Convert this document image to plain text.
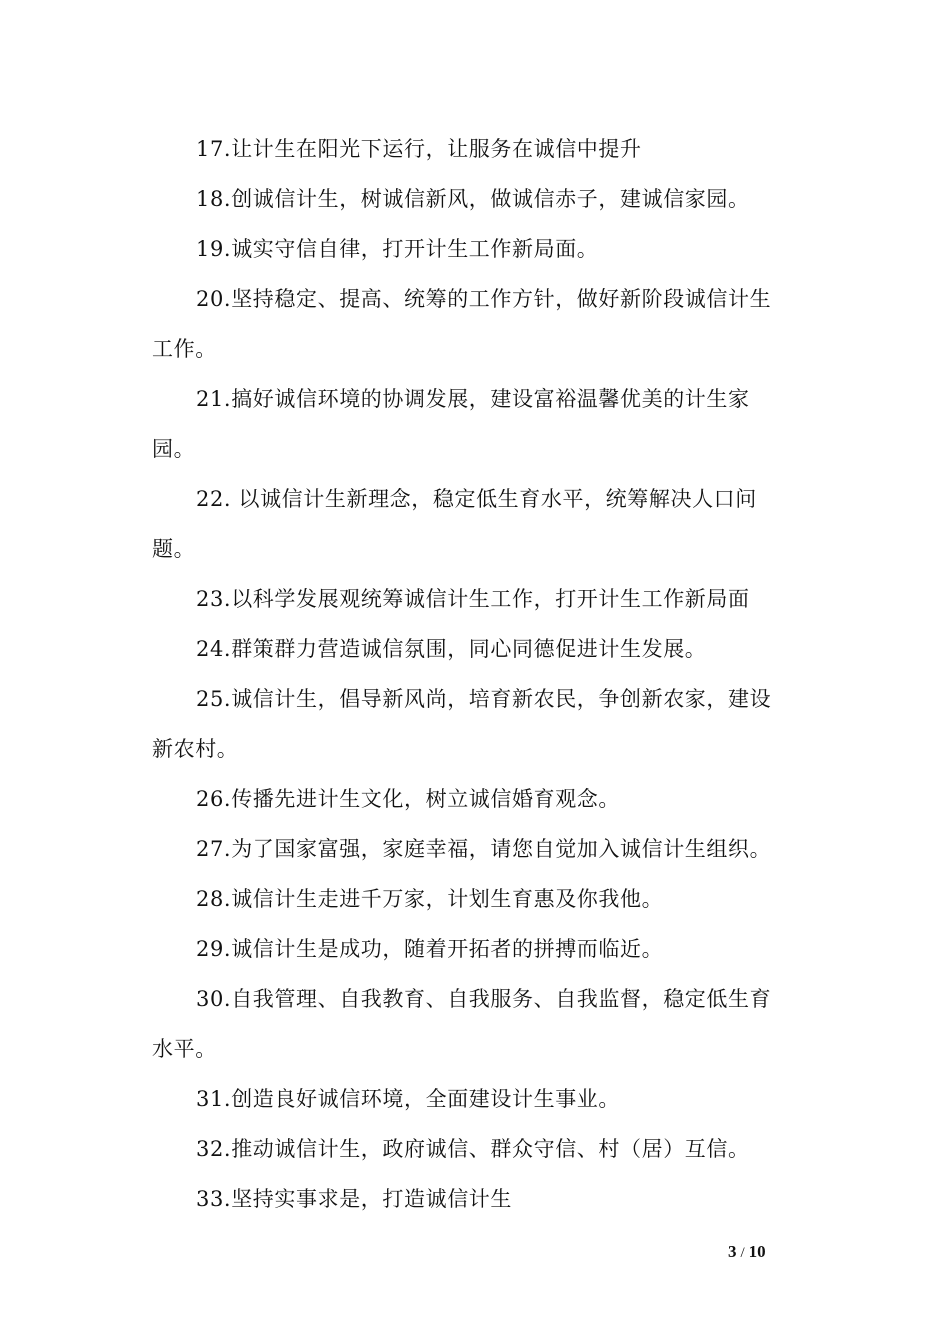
17.让计生在阳光下运行，让服务在诚信中提升

18.创诚信计生，树诚信新风，做诚信赤子，建诚信家园。

19.诚实守信自律，打开计生工作新局面。

20.坚持稳定、提高、统筹的工作方针，做好新阶段诚信计生工作。

21.搞好诚信环境的协调发展，建设富裕温馨优美的计生家园。

22. 以诚信计生新理念，稳定低生育水平，统筹解决人口问题。

23.以科学发展观统筹诚信计生工作，打开计生工作新局面

24.群策群力营造诚信氛围，同心同德促进计生发展。

25.诚信计生，倡导新风尚，培育新农民，争创新农家，建设新农村。

26.传播先进计生文化，树立诚信婚育观念。

27.为了国家富强，家庭幸福，请您自觉加入诚信计生组织。

28.诚信计生走进千万家，计划生育惠及你我他。

29.诚信计生是成功，随着开拓者的拼搏而临近。

30.自我管理、自我教育、自我服务、自我监督，稳定低生育水平。

31.创造良好诚信环境，全面建设计生事业。

32.推动诚信计生，政府诚信、群众守信、村（居）互信。

33.坚持实事求是，打造诚信计生

3 / 10
